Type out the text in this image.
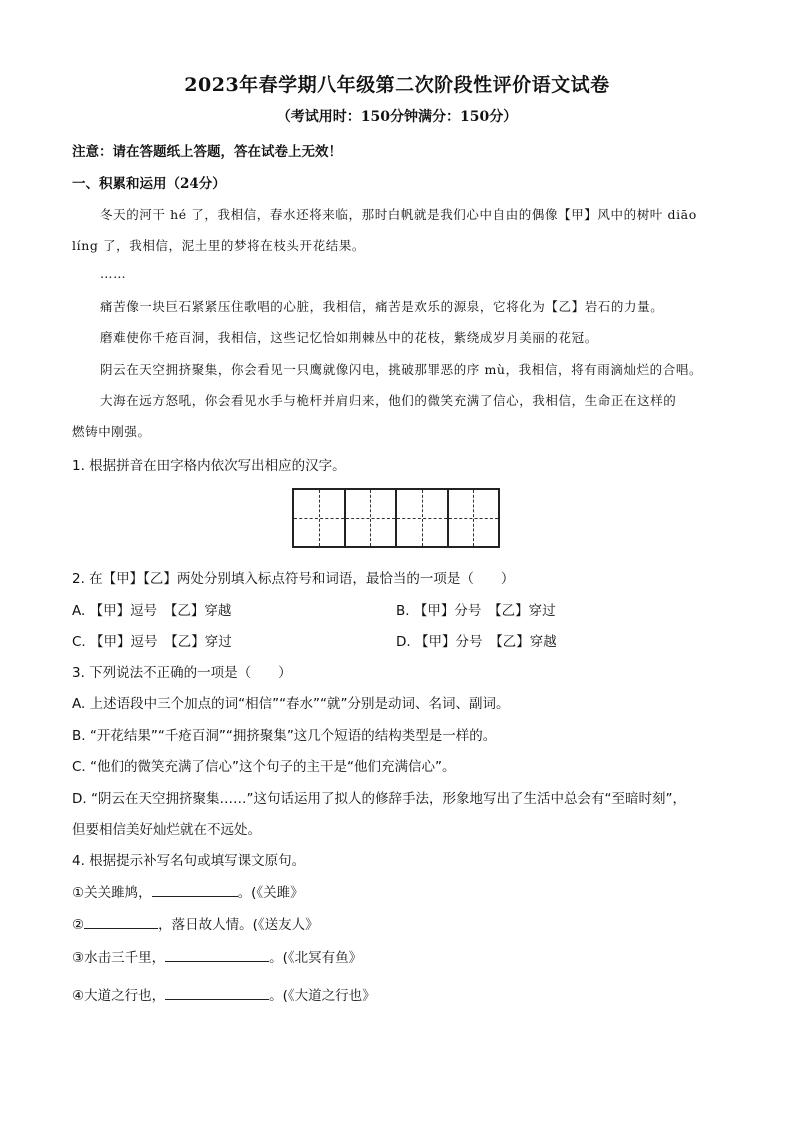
2023年春学期八年级第二次阶段性评价语文试卷
（考试用时：150分钟满分：150分）
注意：请在答题纸上答题，答在试卷上无效！
一、积累和运用（24分）
冬天的河干 hé 了，我相信，春水还将来临，那时白帆就是我们心中自由的偶像【甲】风中的树叶 diāo
líng 了，我相信，泥土里的梦将在枝头开花结果。
……
痛苦像一块巨石紧紧压住歌唱的心脏，我相信，痛苦是欢乐的源泉，它将化为【乙】岩石的力量。
磨难使你千疮百洞，我相信，这些记忆恰如荆棘丛中的花枝，紫绕成岁月美丽的花冠。
阴云在天空拥挤聚集，你会看见一只鹰就像闪电，挑破那罪恶的序 mù，我相信，将有雨滴灿烂的合唱。
大海在远方怒吼，你会看见水手与桅杆并肩归来，他们的微笑充满了信心，我相信，生命正在这样的
燃铸中刚强。
1. 根据拼音在田字格内依次写出相应的汉字。
2. 在【甲】【乙】两处分别填入标点符号和词语，最恰当的一项是（　　）
A. 【甲】逗号　【乙】穿越	B. 【甲】分号　【乙】穿过
C. 【甲】逗号　【乙】穿过	D. 【甲】分号　【乙】穿越
3. 下列说法不正确的一项是（　　）
A. 上述语段中三个加点的词“相信”“春水”“就”分别是动词、名词、副词。
B. “开花结果”“千疮百洞”“拥挤聚集”这几个短语的结构类型是一样的。
C. “他们的微笑充满了信心”这个句子的主干是“他们充满信心”。
D. “阴云在天空拥挤聚集……”这句话运用了拟人的修辞手法，形象地写出了生活中总会有“至暗时刻”，
但要相信美好灿烂就在不远处。
4. 根据提示补写名句或填写课文原句。
①关关雎鸠，	。(《关雎》
②	，落日故人情。(《送友人》
③水击三千里，	。(《北冥有鱼》
④大道之行也，	。(《大道之行也》
